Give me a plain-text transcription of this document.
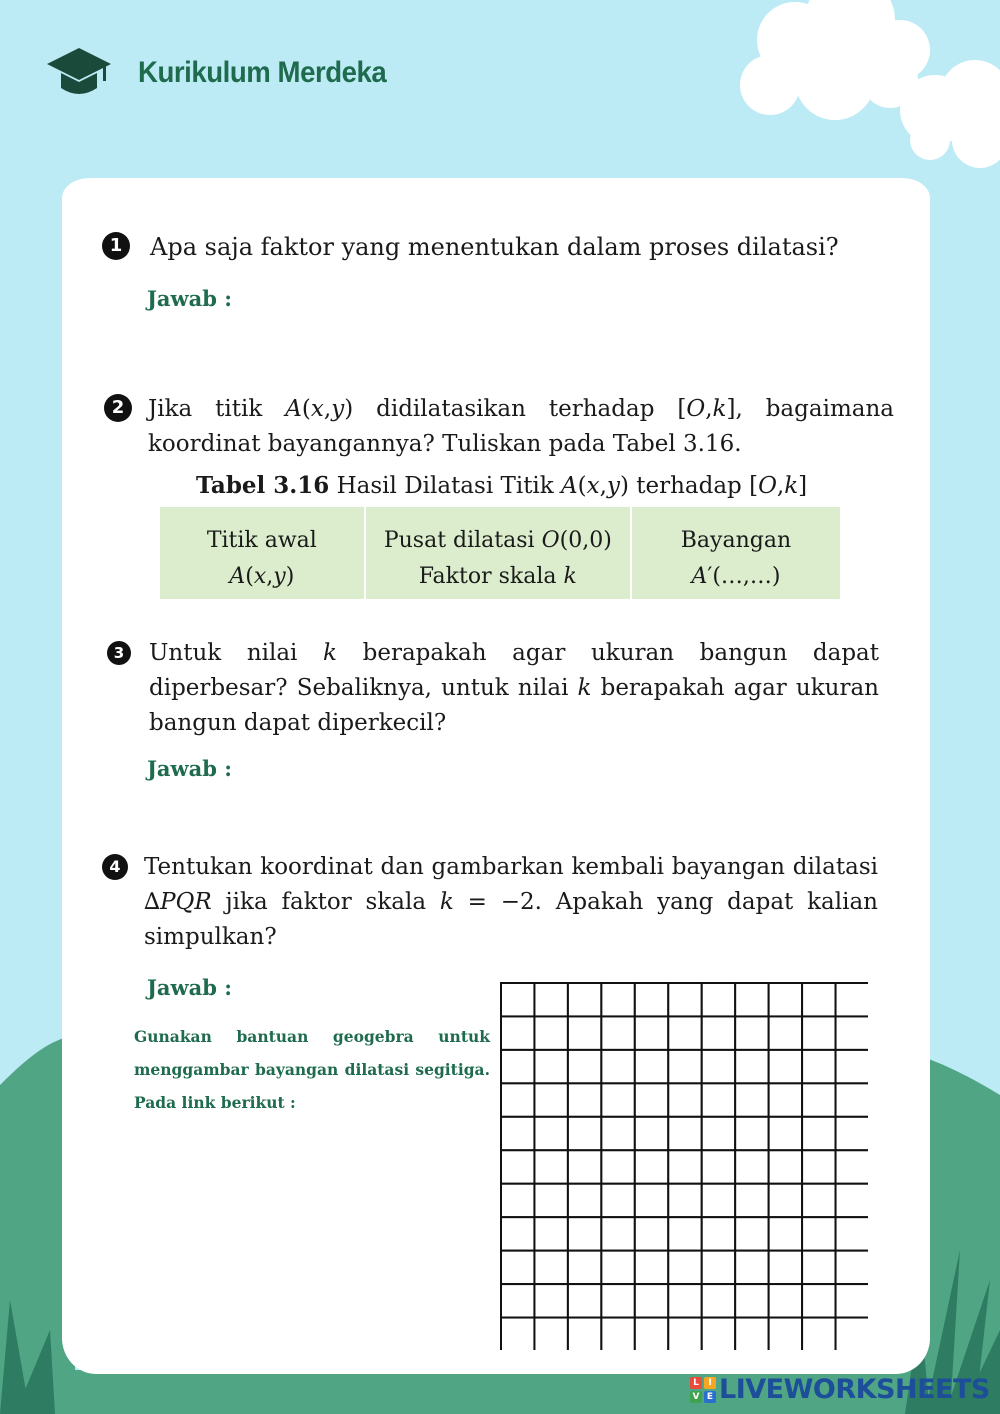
Kurikulum Merdeka
1	Apa saja faktor yang menentukan dalam proses dilatasi?
Jawab :
2	Jika titik A(x,y) didilatasikan terhadap [O,k], bagaimana koordinat bayangannya? Tuliskan pada Tabel 3.16.
Tabel 3.16 Hasil Dilatasi Titik A(x,y) terhadap [O,k]
Titik awal	Pusat dilatasi O(0,0)	Bayangan
A(x,y)	Faktor skala k	A′(…,…)
3 Untuk nilai k berapakah agar ukuran bangun dapat diperbesar? Sebaliknya, untuk nilai k berapakah agar ukuran bangun dapat diperkecil?
Jawab :
4	Tentukan koordinat dan gambarkan kembali bayangan dilatasi ∆PQR jika faktor skala k = −2. Apakah yang dapat kalian simpulkan?
Jawab :
Gunakan bantuan geogebra untuk menggambar bayangan dilatasi segitiga. Pada link berikut :
L	I
V E LIVEWORKSHEETS
